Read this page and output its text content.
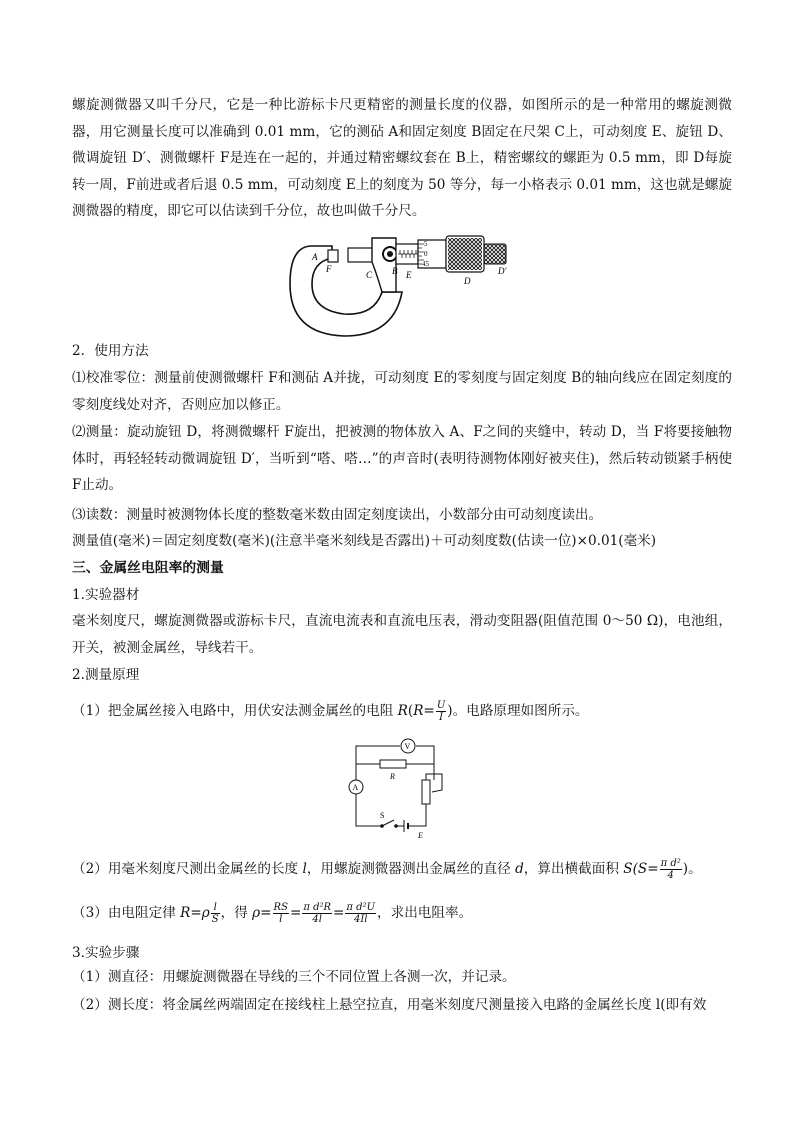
螺旋测微器又叫千分尺，它是一种比游标卡尺更精密的测量长度的仪器，如图所示的是一种常用的螺旋测微器，用它测量长度可以准确到 0.01 mm，它的测砧 A和固定刻度 B固定在尺架 C上，可动刻度 E、旋钮 D、微调旋钮 D′、测微螺杆 F是连在一起的，并通过精密螺纹套在 B上，精密螺纹的螺距为 0.5 mm，即 D每旋转一周，F前进或者后退 0.5 mm，可动刻度 E上的刻度为 50 等分，每一小格表示 0.01 mm，这也就是螺旋测微器的精度，即它可以估读到千分位，故也叫做千分尺。
A
F
C B E
D
D′
5
0
45
2．使用方法
⑴校准零位：测量前使测微螺杆 F和测砧 A并拢，可动刻度 E的零刻度与固定刻度 B的轴向线应在固定刻度的零刻度线处对齐，否则应加以修正。
⑵测量：旋动旋钮 D，将测微螺杆 F旋出，把被测的物体放入 A、F之间的夹缝中，转动 D，当 F将要接触物体时，再轻轻转动微调旋钮 D′，当听到“嗒、嗒…”的声音时(表明待测物体刚好被夹住)，然后转动锁紧手柄使 F止动。
⑶读数：测量时被测物体长度的整数毫米数由固定刻度读出，小数部分由可动刻度读出。
测量值(毫米)＝固定刻度数(毫米)(注意半毫米刻线是否露出)＋可动刻度数(估读一位)×0.01(毫米)
三、金属丝电阻率的测量
1.实验器材
毫米刻度尺，螺旋测微器或游标卡尺，直流电流表和直流电压表，滑动变阻器(阻值范围 0～50 Ω)，电池组，开关，被测金属丝，导线若干。
2.测量原理
（1）把金属丝接入电路中，用伏安法测金属丝的电阻 $R(R= \frac{U}{I}$ )。电路原理如图所示。
V
A
R
S
E
（2）用毫米刻度尺测出金属丝的长度 l，用螺旋测微器测出金属丝的直径 d，算出横截面积 $S(S= \frac{\text{π d²}}{4}$ )。
（3）由电阻定律 $R=\rho \frac{l}{S}$ ，得 $\rho= \frac{RS}{l} = \frac{\text{π d²R}}{4l} = \frac{\text{π d²U}}{4Il}$ ，求出电阻率。
3.实验步骤
（1）测直径：用螺旋测微器在导线的三个不同位置上各测一次，并记录。
（2）测长度：将金属丝两端固定在接线柱上悬空拉直，用毫米刻度尺测量接入电路的金属丝长度 l(即有效
